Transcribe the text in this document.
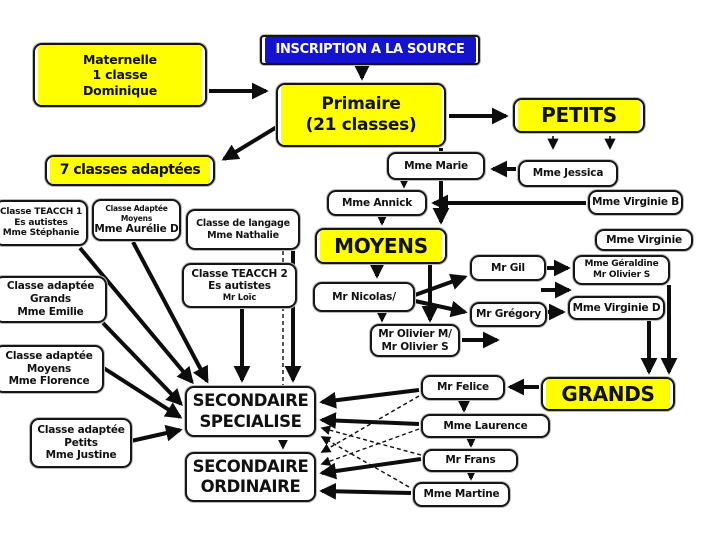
Maternelle
1 classe
Dominique
INSCRIPTION A LA SOURCE
Primaire
(21 classes)	PETITS
7 classes adaptées	Mme Marie
Mme Jessica
Mme Annick	Mme Virginie B
Mme Virginie
MOYENS
Mr Gil	Mme Géraldine
Mr Olivier S
Mr Nicolas/
Mr Grégory
Mme Virginie D
Mr Olivier M/
Mr Olivier S
GRANDS
Mr Felice
Mme Laurence
Mr Frans
Mme Martine
SECONDAIRE
SPECIALISE
SECONDAIRE
ORDINAIRE
Classe TEACCH 1
Es autistes
Mme Stéphanie
Classe Adaptée
Moyens
Mme Aurélie D Classe de langage
Mme Nathalie
Classe TEACCH 2
Es autistes
Mr Loïc
Classe adaptée
Grands
Mme Emilie
Classe adaptée
Moyens
Mme Florence
Classe adaptée
Petits
Mme Justine
